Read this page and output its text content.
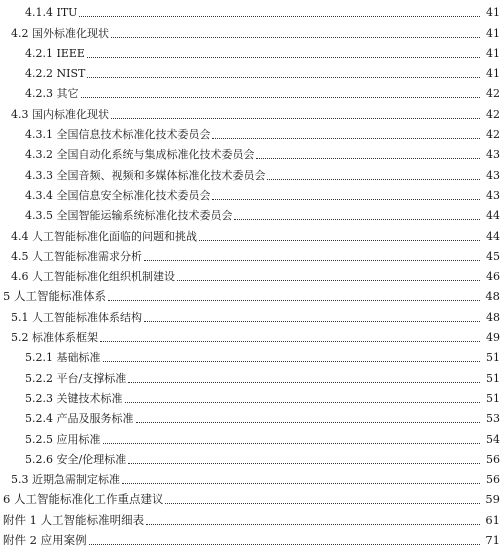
4.1.4 ITU	41
4.2 国外标准化现状	41
4.2.1 IEEE	41
4.2.2 NIST	41
4.2.3 其它	42
4.3 国内标准化现状	42
4.3.1 全国信息技术标准化技术委员会	42
4.3.2 全国自动化系统与集成标准化技术委员会	43
4.3.3 全国音频、视频和多媒体标准化技术委员会	43
4.3.4 全国信息安全标准化技术委员会	43
4.3.5 全国智能运输系统标准化技术委员会	44
4.4 人工智能标准化面临的问题和挑战	44
4.5 人工智能标准需求分析	45
4.6 人工智能标准化组织机制建设	46
5 人工智能标准体系	48
5.1 人工智能标准体系结构	48
5.2 标准体系框架	49
5.2.1 基础标准	51
5.2.2 平台/支撑标准	51
5.2.3 关键技术标准	51
5.2.4 产品及服务标准	53
5.2.5 应用标准	54
5.2.6 安全/伦理标准	56
5.3 近期急需制定标准	56
6 人工智能标准化工作重点建议	59
附件 1 人工智能标准明细表	61
附件 2 应用案例	71
